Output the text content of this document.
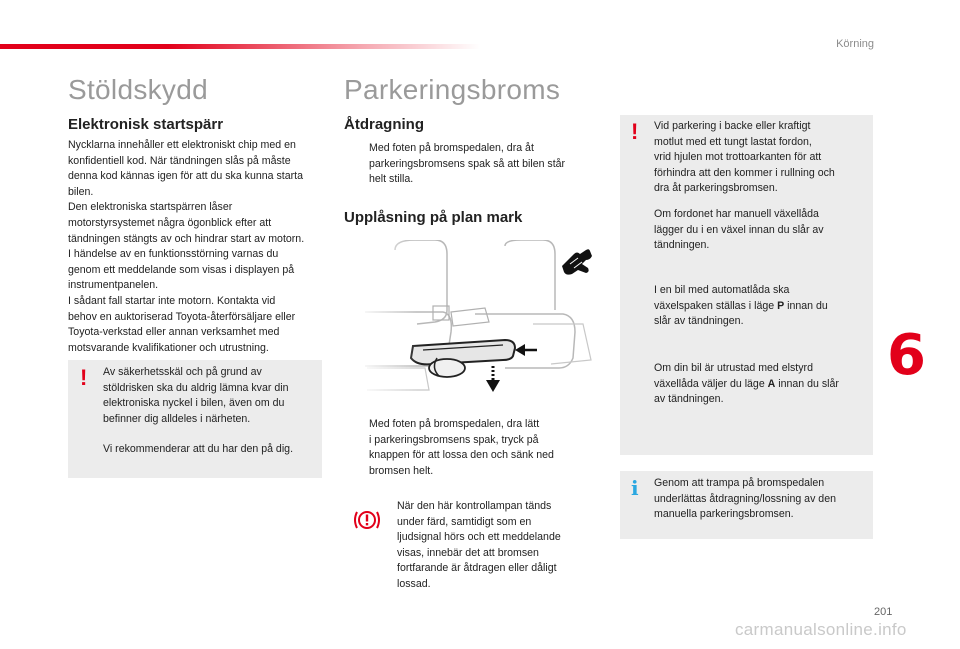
Körning
Stöldskydd
Elektronisk startspärr
Nycklarna innehåller ett elektroniskt chip med en
konfidentiell kod. När tändningen slås på måste
denna kod kännas igen för att du ska kunna starta
bilen.
Den elektroniska startspärren låser
motorstyrsystemet några ögonblick efter att
tändningen stängts av och hindrar start av motorn.
I händelse av en funktionsstörning varnas du
genom ett meddelande som visas i displayen på
instrumentpanelen.
I sådant fall startar inte motorn. Kontakta vid
behov en auktoriserad Toyota-återförsäljare eller
Toyota-verkstad eller annan verksamhet med
motsvarande kvalifikationer och utrustning.
! Av säkerhetsskäl och på grund av
stöldrisken ska du aldrig lämna kvar din
elektroniska nyckel i bilen, även om du
befinner dig alldeles i närheten.
Vi rekommenderar att du har den på dig.
Parkeringsbroms
Åtdragning
Med foten på bromspedalen, dra åt
parkeringsbromsens spak så att bilen står
helt stilla.
Upplåsning på plan mark
Med foten på bromspedalen, dra lätt
i parkeringsbromsens spak, tryck på
knappen för att lossa den och sänk ned
bromsen helt.
När den här kontrollampan tänds
under färd, samtidigt som en
ljudsignal hörs och ett meddelande
visas, innebär det att bromsen
fortfarande är åtdragen eller dåligt
lossad.
! Vid parkering i backe eller kraftigt
motlut med ett tungt lastat fordon,
vrid hjulen mot trottoarkanten för att
förhindra att den kommer i rullning och
dra åt parkeringsbromsen.
Om fordonet har manuell växellåda
lägger du i en växel innan du slår av
tändningen.
I en bil med automatlåda ska
växelspaken ställas i läge P innan du
slår av tändningen.
Om din bil är utrustad med elstyrd
växellåda väljer du läge A innan du slår
av tändningen.
i Genom att trampa på bromspedalen
underlättas åtdragning/lossning av den
manuella parkeringsbromsen.
6
201
carmanualsonline.info
